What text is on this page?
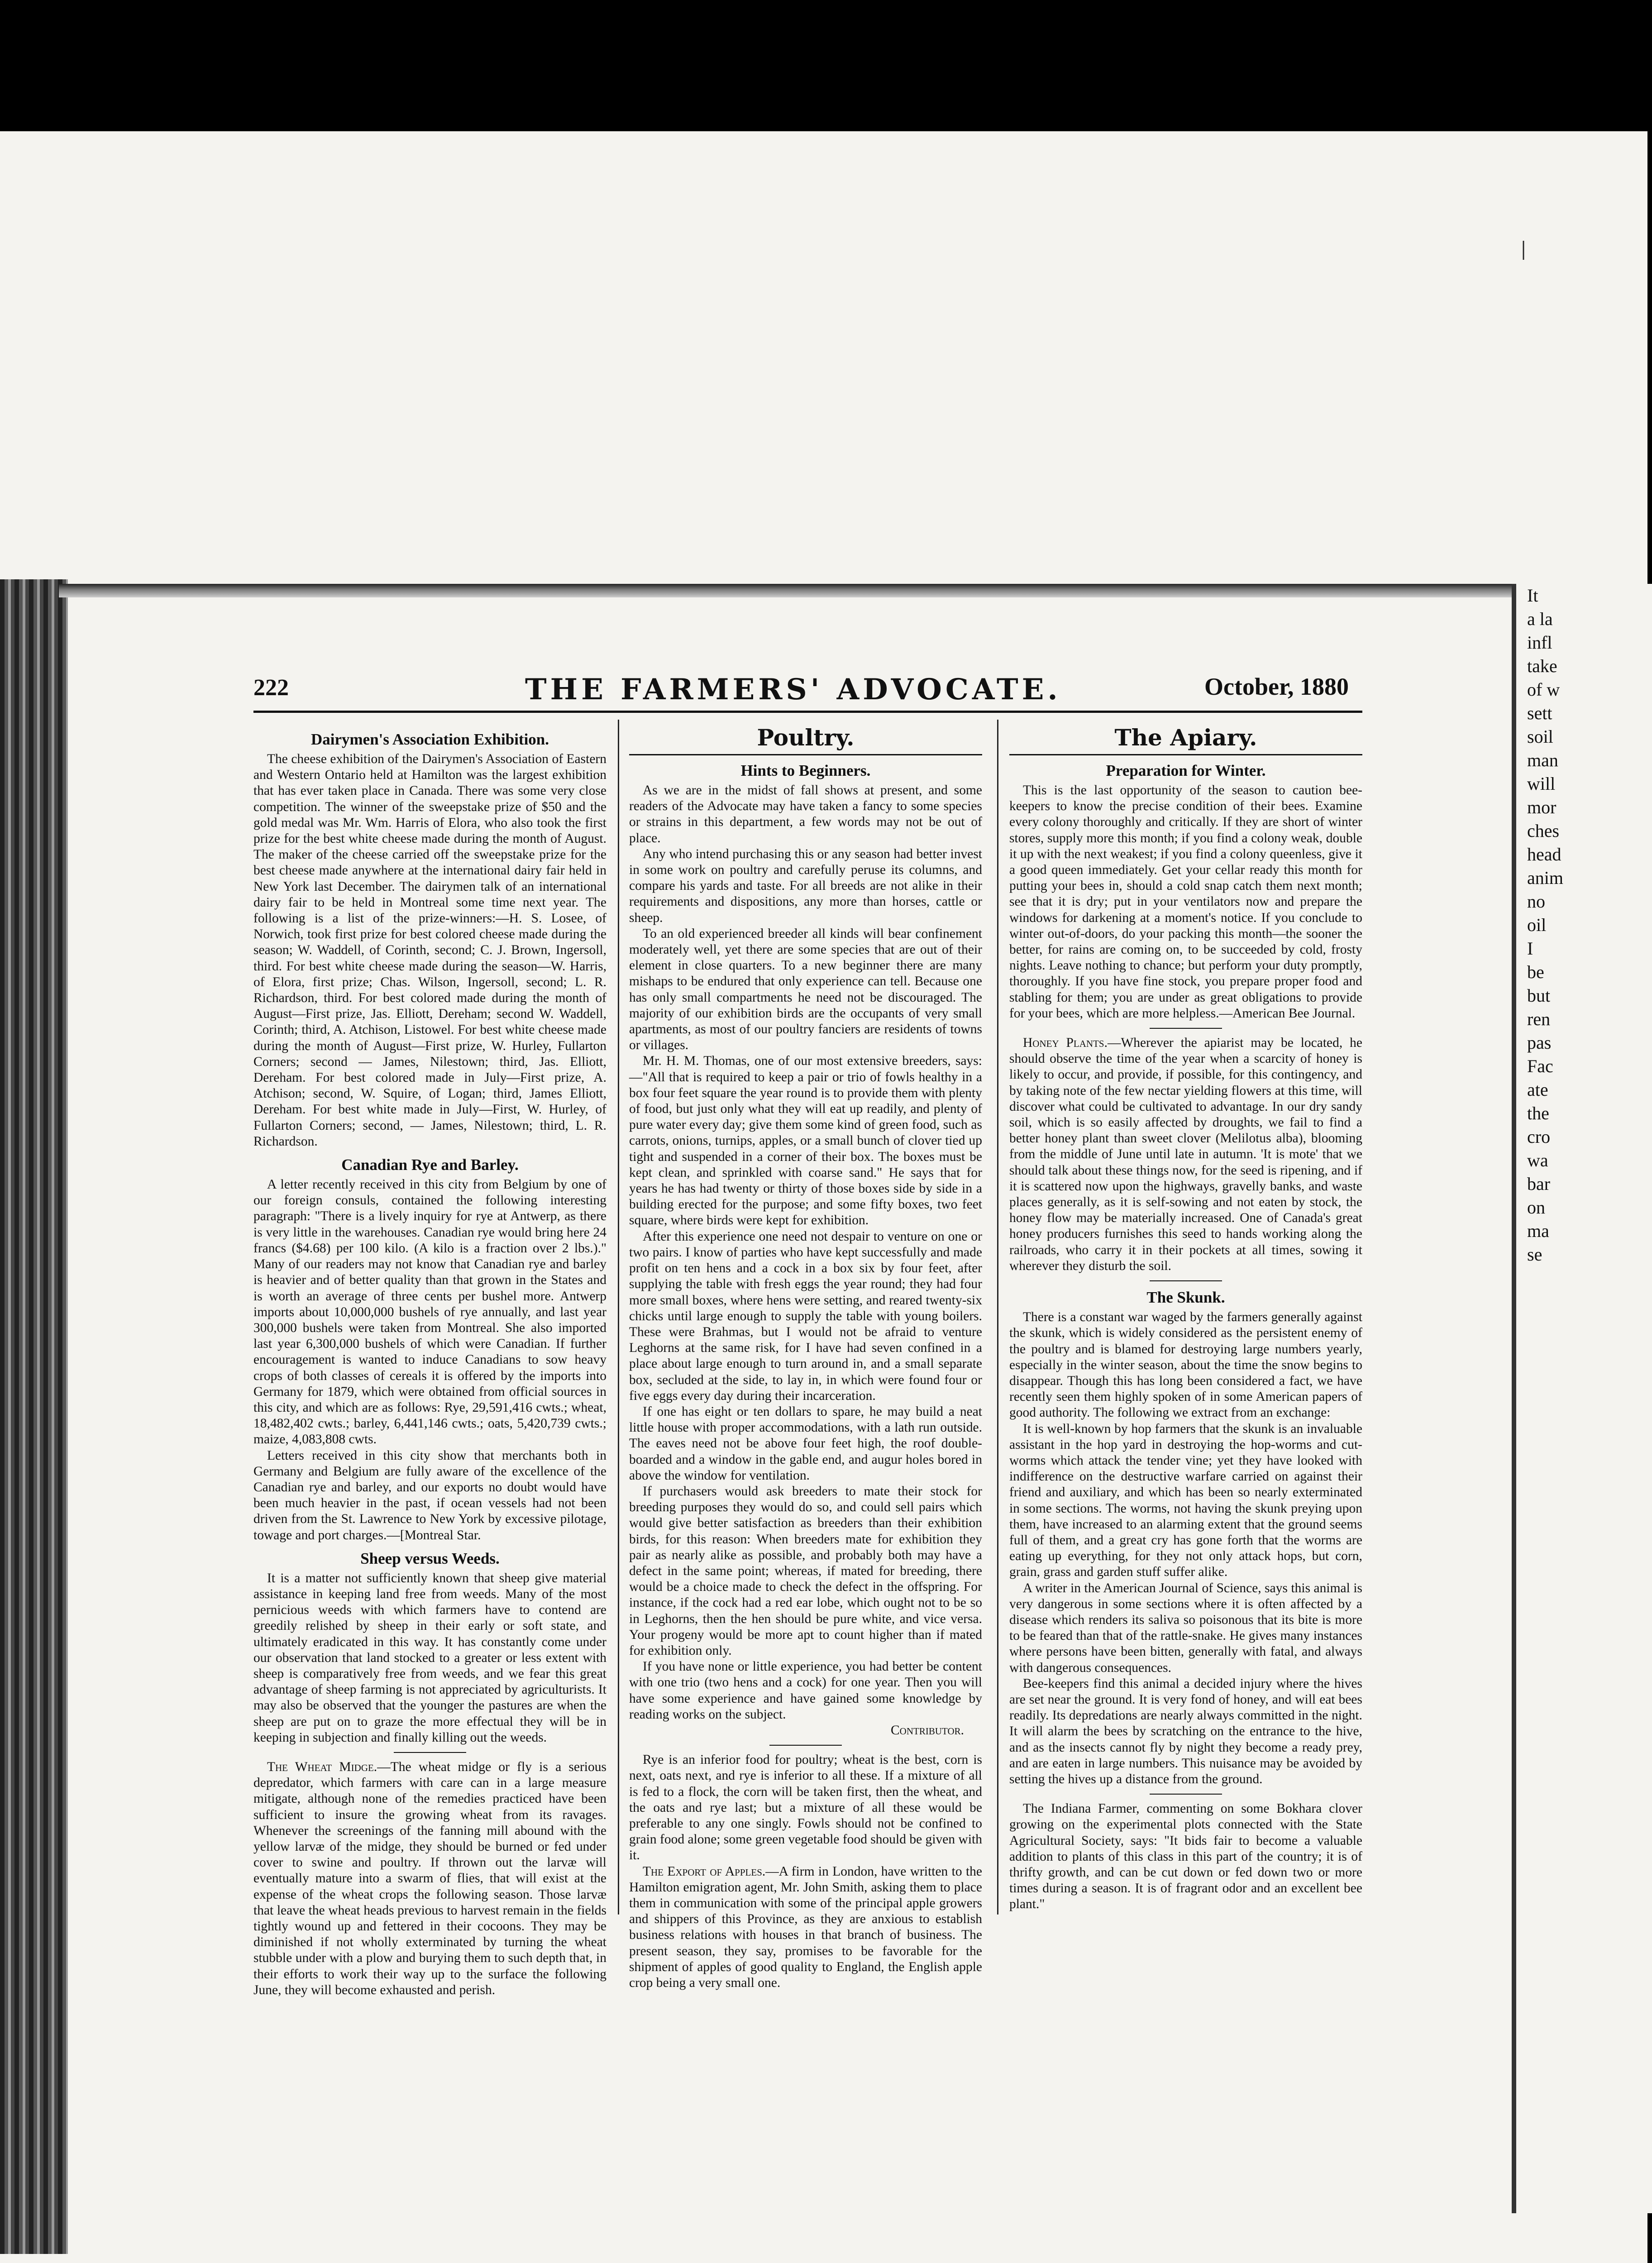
It
a la
infl
take
of w
sett
soil
man
will
mor
ches
head
anim
no
oil
I
be
but
ren
pas
Fac
ate
the
cro
wa
bar
on
ma
se
ǀ
222	THE FARMERS' ADVOCATE.	October, 1880
Dairymen's Association Exhibition.

The cheese exhibition of the Dairymen's Association of Eastern and Western Ontario held at Hamilton was the largest exhibition that has ever taken place in Canada. There was some very close competition. The winner of the sweepstake prize of $50 and the gold medal was Mr. Wm. Harris of Elora, who also took the first prize for the best white cheese made during the month of August. The maker of the cheese carried off the sweepstake prize for the best cheese made anywhere at the international dairy fair held in New York last December. The dairymen talk of an international dairy fair to be held in Montreal some time next year. The following is a list of the prize-winners:—H. S. Losee, of Norwich, took first prize for best colored cheese made during the season; W. Waddell, of Corinth, second; C. J. Brown, Ingersoll, third. For best white cheese made during the season—W. Harris, of Elora, first prize; Chas. Wilson, Ingersoll, second; L. R. Richardson, third. For best colored made during the month of August—First prize, Jas. Elliott, Dereham; second W. Waddell, Corinth; third, A. Atchison, Listowel. For best white cheese made during the month of August—First prize, W. Hurley, Fullarton Corners; second — James, Nilestown; third, Jas. Elliott, Dereham. For best colored made in July—First prize, A. Atchison; second, W. Squire, of Logan; third, James Elliott, Dereham. For best white made in July—First, W. Hurley, of Fullarton Corners; second, — James, Nilestown; third, L. R. Richardson.

Canadian Rye and Barley.

A letter recently received in this city from Belgium by one of our foreign consuls, contained the following interesting paragraph: "There is a lively inquiry for rye at Antwerp, as there is very little in the warehouses. Canadian rye would bring here 24 francs ($4.68) per 100 kilo. (A kilo is a fraction over 2 lbs.)." Many of our readers may not know that Canadian rye and barley is heavier and of better quality than that grown in the States and is worth an average of three cents per bushel more. Antwerp imports about 10,000,000 bushels of rye annually, and last year 300,000 bushels were taken from Montreal. She also imported last year 6,300,000 bushels of which were Canadian. If further encouragement is wanted to induce Canadians to sow heavy crops of both classes of cereals it is offered by the imports into Germany for 1879, which were obtained from official sources in this city, and which are as follows: Rye, 29,591,416 cwts.; wheat, 18,482,402 cwts.; barley, 6,441,146 cwts.; oats, 5,420,739 cwts.; maize, 4,083,808 cwts.

Letters received in this city show that merchants both in Germany and Belgium are fully aware of the excellence of the Canadian rye and barley, and our exports no doubt would have been much heavier in the past, if ocean vessels had not been driven from the St. Lawrence to New York by excessive pilotage, towage and port charges.—[Montreal Star.

Sheep versus Weeds.

It is a matter not sufficiently known that sheep give material assistance in keeping land free from weeds. Many of the most pernicious weeds with which farmers have to contend are greedily relished by sheep in their early or soft state, and ultimately eradicated in this way. It has constantly come under our observation that land stocked to a greater or less extent with sheep is comparatively free from weeds, and we fear this great advantage of sheep farming is not appreciated by agriculturists. It may also be observed that the younger the pastures are when the sheep are put on to graze the more effectual they will be in keeping in subjection and finally killing out the weeds.

The Wheat Midge.—The wheat midge or fly is a serious depredator, which farmers with care can in a large measure mitigate, although none of the remedies practiced have been sufficient to insure the growing wheat from its ravages. Whenever the screenings of the fanning mill abound with the yellow larvæ of the midge, they should be burned or fed under cover to swine and poultry. If thrown out the larvæ will eventually mature into a swarm of flies, that will exist at the expense of the wheat crops the following season. Those larvæ that leave the wheat heads previous to harvest remain in the fields tightly wound up and fettered in their cocoons. They may be diminished if not wholly exterminated by turning the wheat stubble under with a plow and burying them to such depth that, in their efforts to work their way up to the surface the following June, they will become exhausted and perish.

Poultry.
Hints to Beginners.

As we are in the midst of fall shows at present, and some readers of the Advocate may have taken a fancy to some species or strains in this department, a few words may not be out of place.

Any who intend purchasing this or any season had better invest in some work on poultry and carefully peruse its columns, and compare his yards and taste. For all breeds are not alike in their requirements and dispositions, any more than horses, cattle or sheep.

To an old experienced breeder all kinds will bear confinement moderately well, yet there are some species that are out of their element in close quarters. To a new beginner there are many mishaps to be endured that only experience can tell. Because one has only small compartments he need not be discouraged. The majority of our exhibition birds are the occupants of very small apartments, as most of our poultry fanciers are residents of towns or villages.

Mr. H. M. Thomas, one of our most extensive breeders, says:—"All that is required to keep a pair or trio of fowls healthy in a box four feet square the year round is to provide them with plenty of food, but just only what they will eat up readily, and plenty of pure water every day; give them some kind of green food, such as carrots, onions, turnips, apples, or a small bunch of clover tied up tight and suspended in a corner of their box. The boxes must be kept clean, and sprinkled with coarse sand." He says that for years he has had twenty or thirty of those boxes side by side in a building erected for the purpose; and some fifty boxes, two feet square, where birds were kept for exhibition.

After this experience one need not despair to venture on one or two pairs. I know of parties who have kept successfully and made profit on ten hens and a cock in a box six by four feet, after supplying the table with fresh eggs the year round; they had four more small boxes, where hens were setting, and reared twenty-six chicks until large enough to supply the table with young boilers. These were Brahmas, but I would not be afraid to venture Leghorns at the same risk, for I have had seven confined in a place about large enough to turn around in, and a small separate box, secluded at the side, to lay in, in which were found four or five eggs every day during their incarceration.

If one has eight or ten dollars to spare, he may build a neat little house with proper accommodations, with a lath run outside. The eaves need not be above four feet high, the roof double-boarded and a window in the gable end, and augur holes bored in above the window for ventilation.

If purchasers would ask breeders to mate their stock for breeding purposes they would do so, and could sell pairs which would give better satisfaction as breeders than their exhibition birds, for this reason: When breeders mate for exhibition they pair as nearly alike as possible, and probably both may have a defect in the same point; whereas, if mated for breeding, there would be a choice made to check the defect in the offspring. For instance, if the cock had a red ear lobe, which ought not to be so in Leghorns, then the hen should be pure white, and vice versa. Your progeny would be more apt to count higher than if mated for exhibition only.

If you have none or little experience, you had better be content with one trio (two hens and a cock) for one year. Then you will have some experience and have gained some knowledge by reading works on the subject.

Contributor.

Rye is an inferior food for poultry; wheat is the best, corn is next, oats next, and rye is inferior to all these. If a mixture of all is fed to a flock, the corn will be taken first, then the wheat, and the oats and rye last; but a mixture of all these would be preferable to any one singly. Fowls should not be confined to grain food alone; some green vegetable food should be given with it.

The Export of Apples.—A firm in London, have written to the Hamilton emigration agent, Mr. John Smith, asking them to place them in communication with some of the principal apple growers and shippers of this Province, as they are anxious to establish business relations with houses in that branch of business. The present season, they say, promises to be favorable for the shipment of apples of good quality to England, the English apple crop being a very small one.

The Apiary.
Preparation for Winter.

This is the last opportunity of the season to caution bee-keepers to know the precise condition of their bees. Examine every colony thoroughly and critically. If they are short of winter stores, supply more this month; if you find a colony weak, double it up with the next weakest; if you find a colony queenless, give it a good queen immediately. Get your cellar ready this month for putting your bees in, should a cold snap catch them next month; see that it is dry; put in your ventilators now and prepare the windows for darkening at a moment's notice. If you conclude to winter out-of-doors, do your packing this month—the sooner the better, for rains are coming on, to be succeeded by cold, frosty nights. Leave nothing to chance; but perform your duty promptly, thoroughly. If you have fine stock, you prepare proper food and stabling for them; you are under as great obligations to provide for your bees, which are more helpless.—American Bee Journal.

Honey Plants.—Wherever the apiarist may be located, he should observe the time of the year when a scarcity of honey is likely to occur, and provide, if possible, for this contingency, and by taking note of the few nectar yielding flowers at this time, will discover what could be cultivated to advantage. In our dry sandy soil, which is so easily affected by droughts, we fail to find a better honey plant than sweet clover (Melilotus alba), blooming from the middle of June until late in autumn. 'It is mote' that we should talk about these things now, for the seed is ripening, and if it is scattered now upon the highways, gravelly banks, and waste places generally, as it is self-sowing and not eaten by stock, the honey flow may be materially increased. One of Canada's great honey producers furnishes this seed to hands working along the railroads, who carry it in their pockets at all times, sowing it wherever they disturb the soil.

The Skunk.

There is a constant war waged by the farmers generally against the skunk, which is widely considered as the persistent enemy of the poultry and is blamed for destroying large numbers yearly, especially in the winter season, about the time the snow begins to disappear. Though this has long been considered a fact, we have recently seen them highly spoken of in some American papers of good authority. The following we extract from an exchange:

It is well-known by hop farmers that the skunk is an invaluable assistant in the hop yard in destroying the hop-worms and cut-worms which attack the tender vine; yet they have looked with indifference on the destructive warfare carried on against their friend and auxiliary, and which has been so nearly exterminated in some sections. The worms, not having the skunk preying upon them, have increased to an alarming extent that the ground seems full of them, and a great cry has gone forth that the worms are eating up everything, for they not only attack hops, but corn, grain, grass and garden stuff suffer alike.

A writer in the American Journal of Science, says this animal is very dangerous in some sections where it is often affected by a disease which renders its saliva so poisonous that its bite is more to be feared than that of the rattle-snake. He gives many instances where persons have been bitten, generally with fatal, and always with dangerous consequences.

Bee-keepers find this animal a decided injury where the hives are set near the ground. It is very fond of honey, and will eat bees readily. Its depredations are nearly always committed in the night. It will alarm the bees by scratching on the entrance to the hive, and as the insects cannot fly by night they become a ready prey, and are eaten in large numbers. This nuisance may be avoided by setting the hives up a distance from the ground.

The Indiana Farmer, commenting on some Bokhara clover growing on the experimental plots connected with the State Agricultural Society, says: "It bids fair to become a valuable addition to plants of this class in this part of the country; it is of thrifty growth, and can be cut down or fed down two or more times during a season. It is of fragrant odor and an excellent bee plant."
